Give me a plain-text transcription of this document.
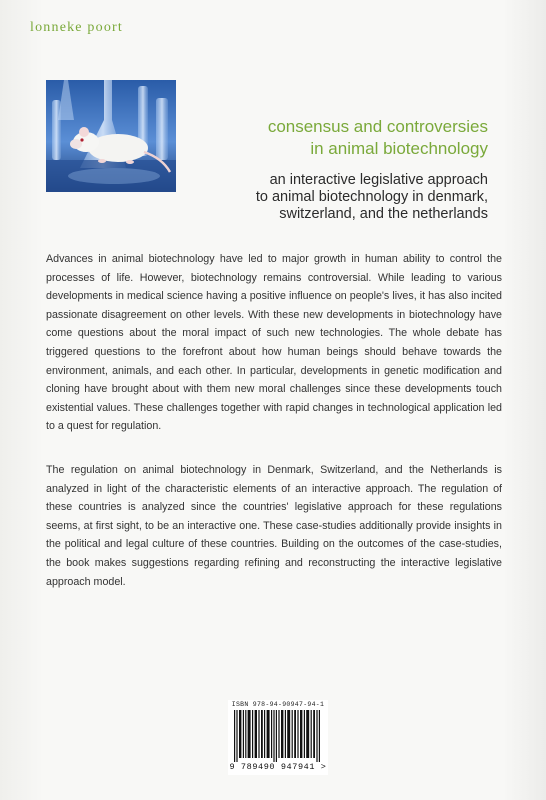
lonneke poort
consensus and controversies
in animal biotechnology
an interactive legislative approach
to animal biotechnology in denmark,
switzerland, and the netherlands

Advances in animal biotechnology have led to major growth in human ability to control the processes of life. However, biotechnology remains controversial. While leading to various developments in medical science having a positive influence on people's lives, it has also incited passionate disagreement on other levels. With these new developments in biotechnology have come questions about the moral impact of such new technologies. The whole debate has triggered questions to the forefront about how human beings should behave towards the environment, animals, and each other. In particular, developments in genetic modification and cloning have brought about with them new moral challenges since these developments touch existential values. These challenges together with rapid changes in technological application led to a quest for regulation.

The regulation on animal biotechnology in Denmark, Switzerland, and the Netherlands is analyzed in light of the characteristic elements of an interactive approach. The regulation of these countries is analyzed since the countries' legislative approach for these regulations seems, at first sight, to be an interactive one. These case-studies additionally provide insights in the political and legal culture of these countries. Building on the outcomes of the case-studies, the book makes suggestions regarding refining and reconstructing the interactive legislative approach model.

ISBN 978-94-90947-94-1
9 789490 947941 >
